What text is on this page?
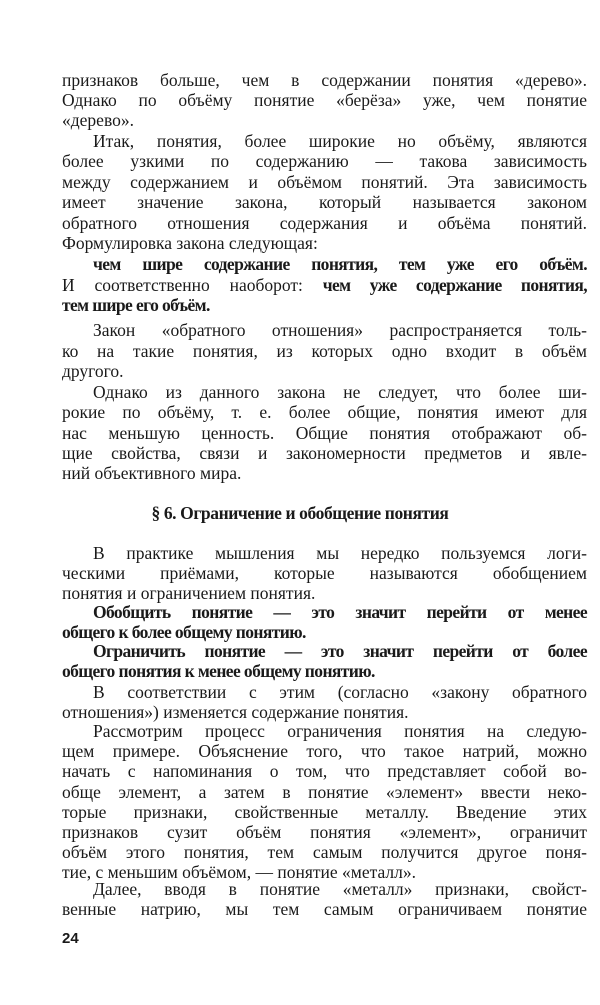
§ 6. Ограничение и обобщение понятия
24
признаков больше, чем в содержании понятия «дерево».
Однако по объёму понятие «берёза» уже, чем понятие
«дерево».
Итак, понятия, более широкие но объёму, являются
более узкими по содержанию — такова зависимость
между содержанием и объёмом понятий. Эта зависимость
имеет значение закона, который называется законом
обратного отношения содержания и объёма понятий.
Формулировка закона следующая:
чем шире содержание понятия, тем уже его объём.
И соответственно наоборот: чем уже содержание понятия,
тем шире его объём.
Закон «обратного отношения» распространяется толь-
ко на такие понятия, из которых одно входит в объём
другого.
Однако из данного закона не следует, что более ши-
рокие по объёму, т. е. более общие, понятия имеют для
нас меньшую ценность. Общие понятия отображают об-
щие свойства, связи и закономерности предметов и явле-
ний объективного мира.
В практике мышления мы нередко пользуемся логи-
ческими приёмами, которые называются обобщением
понятия и ограничением понятия.
Обобщить понятие — это значит перейти от менее
общего к более общему понятию.
Ограничить понятие — это значит перейти от более
общего понятия к менее общему понятию.
В соответствии с этим (согласно «закону обратного
отношения») изменяется содержание понятия.
Рассмотрим процесс ограничения понятия на следую-
щем примере. Объяснение того, что такое натрий, можно
начать с напоминания о том, что представляет собой во-
обще элемент, а затем в понятие «элемент» ввести неко-
торые признаки, свойственные металлу. Введение этих
признаков сузит объём понятия «элемент», ограничит
объём этого понятия, тем самым получится другое поня-
тие, с меньшим объёмом, — понятие «металл».
Далее, вводя в понятие «металл» признаки, свойст-
венные натрию, мы тем самым ограничиваем понятие
